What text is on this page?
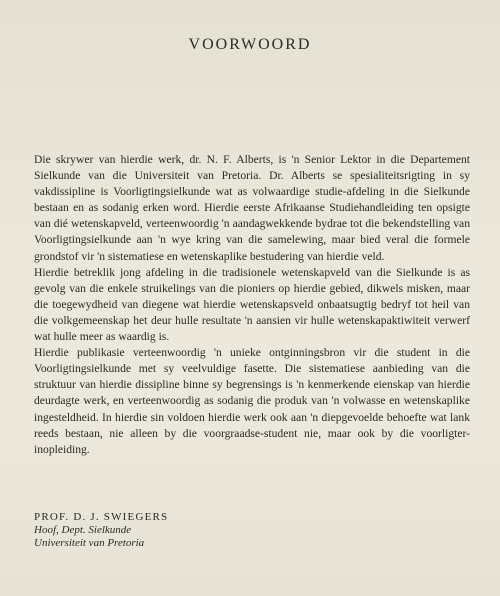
VOORWOORD

Die skrywer van hierdie werk, dr. N. F. Alberts, is 'n Senior Lektor in die Departement Sielkunde van die Universiteit van Pretoria. Dr. Alberts se spesialiteitsrigting in sy vakdissipline is Voorligtingsielkunde wat as volwaardige studie-afdeling in die Sielkunde bestaan en as sodanig erken word. Hierdie eerste Afrikaanse Studiehandleiding ten opsigte van dié wetenskapveld, verteenwoordig 'n aandagwekkende bydrae tot die bekendstelling van Voorligtingsielkunde aan 'n wye kring van die samelewing, maar bied veral die formele grondstof vir 'n sistematiese en wetenskaplike bestudering van hierdie veld.

Hierdie betreklik jong afdeling in die tradisionele wetenskapveld van die Sielkunde is as gevolg van die enkele struikelings van die pioniers op hierdie gebied, dikwels misken, maar die toegewydheid van diegene wat hierdie wetenskapsveld onbaatsugtig bedryf tot heil van die volkgemeenskap het deur hulle resultate 'n aansien vir hulle wetenskapaktiwiteit verwerf wat hulle meer as waardig is.

Hierdie publikasie verteenwoordig 'n unieke ontginningsbron vir die student in die Voorligtingsielkunde met sy veelvuldige fasette. Die sistematiese aanbieding van die struktuur van hierdie dissipline binne sy begrensings is 'n kenmerkende eienskap van hierdie deurdagte werk, en verteenwoordig as sodanig die produk van 'n volwasse en wetenskaplike ingesteldheid. In hierdie sin voldoen hierdie werk ook aan 'n diepgevoelde behoefte wat lank reeds bestaan, nie alleen by die voorgraadse-student nie, maar ook by die voorligter-inopleiding.

PROF. D. J. SWIEGERS
Hoof, Dept. Sielkunde
Universiteit van Pretoria
